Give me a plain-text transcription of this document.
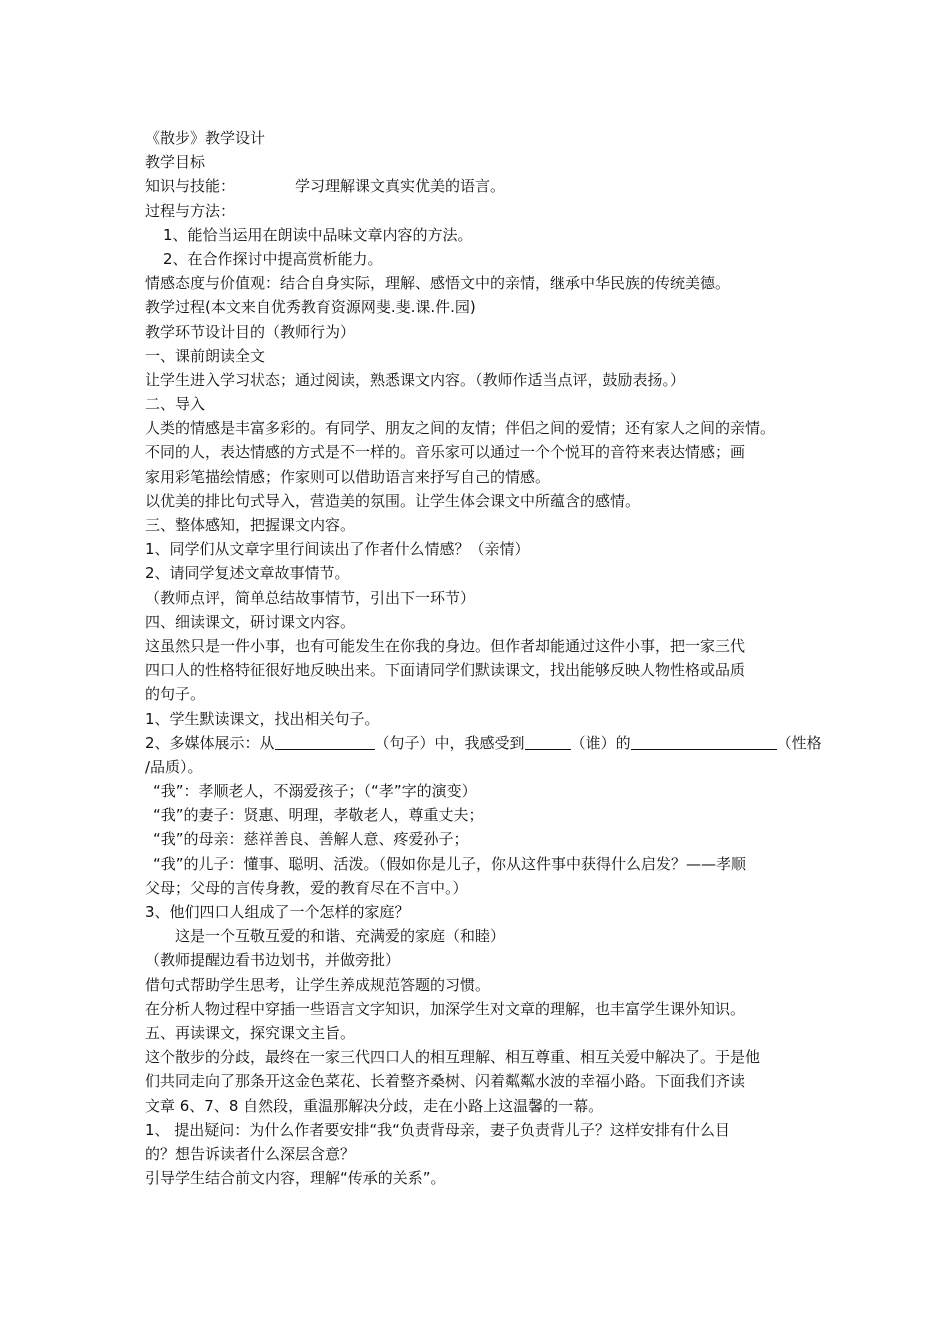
《散步》教学设计
教学目标
知识与技能：	学习理解课文真实优美的语言。
过程与方法：
1、能恰当运用在朗读中品味文章内容的方法。
2、在合作探讨中提高赏析能力。
情感态度与价值观：结合自身实际，理解、感悟文中的亲情，继承中华民族的传统美德。
教学过程(本文来自优秀教育资源网斐.斐.课.件.园)
教学环节设计目的（教师行为）
一、课前朗读全文
让学生进入学习状态；通过阅读，熟悉课文内容。（教师作适当点评，鼓励表扬。）
二、导入
人类的情感是丰富多彩的。有同学、朋友之间的友情；伴侣之间的爱情；还有家人之间的亲情。
不同的人，表达情感的方式是不一样的。音乐家可以通过一个个悦耳的音符来表达情感；画
家用彩笔描绘情感；作家则可以借助语言来抒写自己的情感。
以优美的排比句式导入，营造美的氛围。让学生体会课文中所蕴含的感情。
三、整体感知，把握课文内容。
1、同学们从文章字里行间读出了作者什么情感？（亲情）
2、请同学复述文章故事情节。
（教师点评，简单总结故事情节，引出下一环节）
四、细读课文，研讨课文内容。
这虽然只是一件小事，也有可能发生在你我的身边。但作者却能通过这件小事，把一家三代
四口人的性格特征很好地反映出来。下面请同学们默读课文，找出能够反映人物性格或品质
的句子。
1、学生默读课文，找出相关句子。
2、多媒体展示：从	（句子）中，我感受到	（谁）的	（性格
/品质）。
“我”：孝顺老人，不溺爱孩子；（“孝”字的演变）
“我”的妻子：贤惠、明理，孝敬老人，尊重丈夫；
“我”的母亲：慈祥善良、善解人意、疼爱孙子；
“我”的儿子：懂事、聪明、活泼。（假如你是儿子，你从这件事中获得什么启发？——孝顺
父母；父母的言传身教，爱的教育尽在不言中。）
3、他们四口人组成了一个怎样的家庭？
这是一个互敬互爱的和谐、充满爱的家庭（和睦）
（教师提醒边看书边划书，并做旁批）
借句式帮助学生思考，让学生养成规范答题的习惯。
在分析人物过程中穿插一些语言文字知识，加深学生对文章的理解，也丰富学生课外知识。
五、再读课文，探究课文主旨。
这个散步的分歧，最终在一家三代四口人的相互理解、相互尊重、相互关爱中解决了。于是他
们共同走向了那条开这金色菜花、长着整齐桑树、闪着粼粼水波的幸福小路。下面我们齐读
文章 6、7、8 自然段，重温那解决分歧，走在小路上这温馨的一幕。
1、 提出疑问：为什么作者要安排“我“负责背母亲，妻子负责背儿子？这样安排有什么目
的？想告诉读者什么深层含意？
引导学生结合前文内容，理解“传承的关系”。
